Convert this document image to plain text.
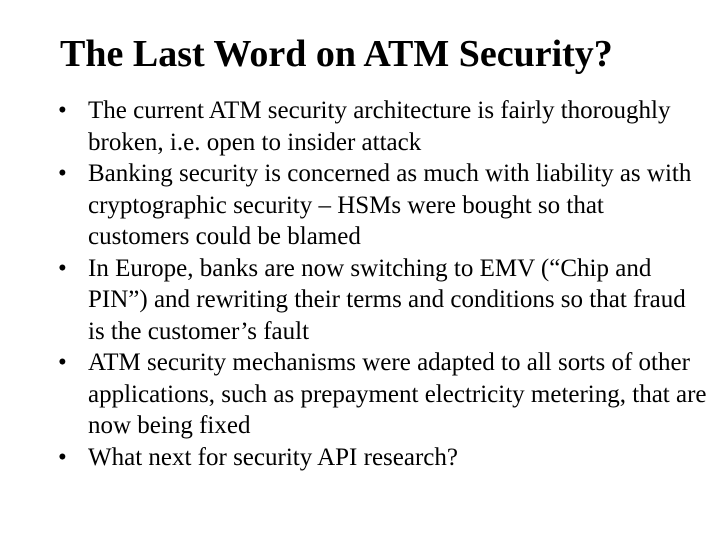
The Last Word on ATM Security?
• The current ATM security architecture is fairly thoroughly broken, i.e. open to insider attack
• Banking security is concerned as much with liability as with cryptographic security – HSMs were bought so that customers could be blamed
• In Europe, banks are now switching to EMV (“Chip and PIN”) and rewriting their terms and conditions so that fraud is the customer’s fault
• ATM security mechanisms were adapted to all sorts of other applications, such as prepayment electricity metering, that are now being fixed
• What next for security API research?
